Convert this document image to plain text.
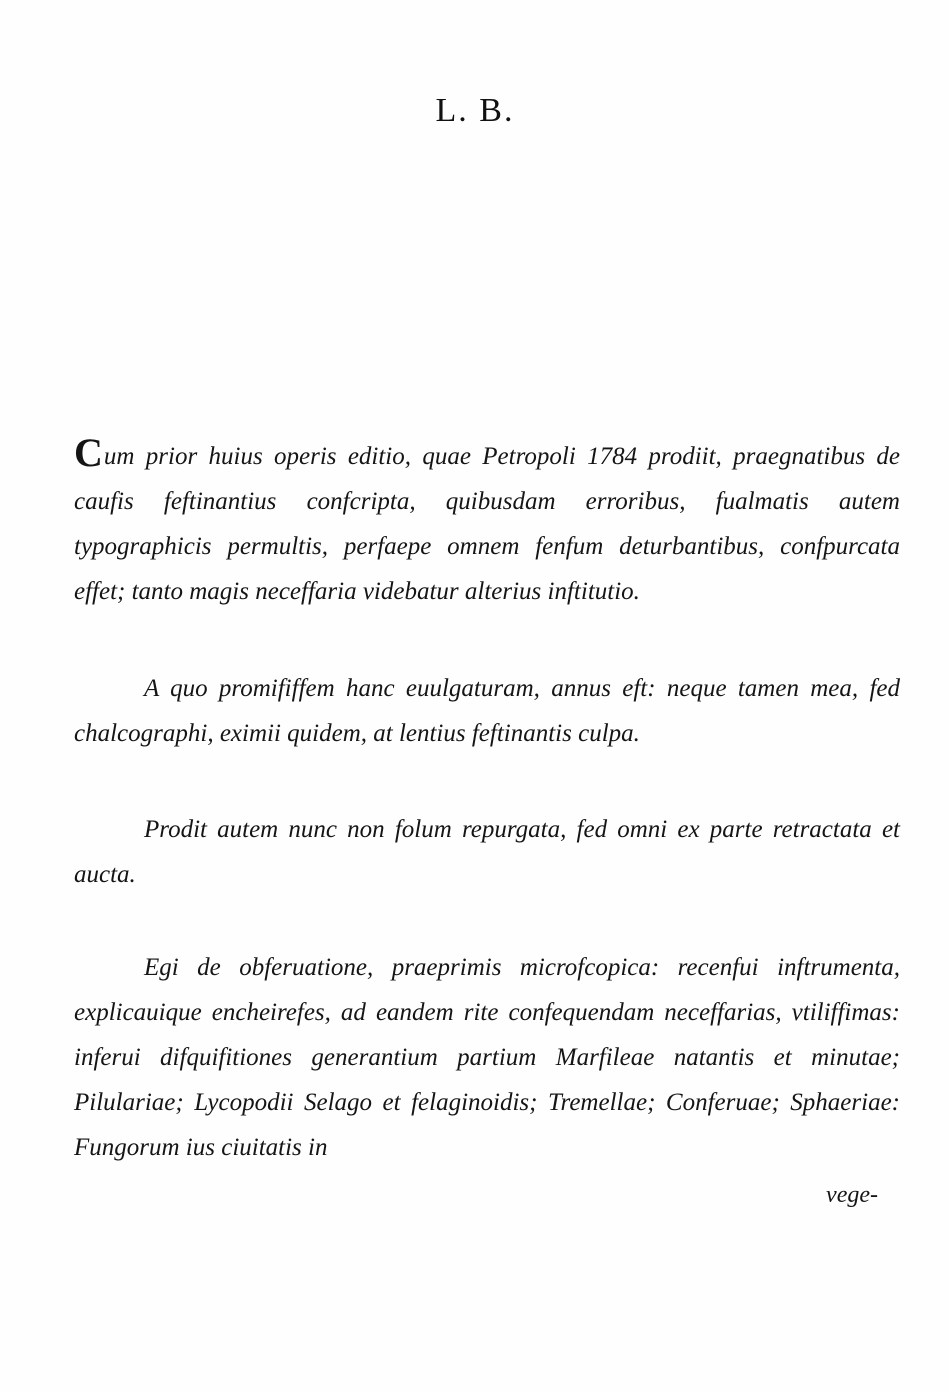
L. B.

Cum prior huius operis editio, quae Petropoli 1784 prodiit, praegnatibus de caufis feftinantius confcripta, quibusdam erroribus, fualmatis autem typographicis permultis, perfaepe omnem fenfum deturbantibus, confpurcata effet; tanto magis neceffaria videbatur alterius inftitutio.

A quo promififfem hanc euulgaturam, annus eft: neque tamen mea, fed chalcographi, eximii quidem, at lentius feftinantis culpa.

Prodit autem nunc non folum repurgata, fed omni ex parte retractata et aucta.

Egi de obferuatione, praeprimis microfcopica: recenfui inftrumenta, explicauique encheirefes, ad eandem rite confequendam neceffarias, vtiliffimas: inferui difquifitiones generantium partium Marfileae natantis et minutae; Pilulariae; Lycopodii Selago et felaginoidis; Tremellae; Conferuae; Sphaeriae: Fungorum ius ciuitatis in

vege-
